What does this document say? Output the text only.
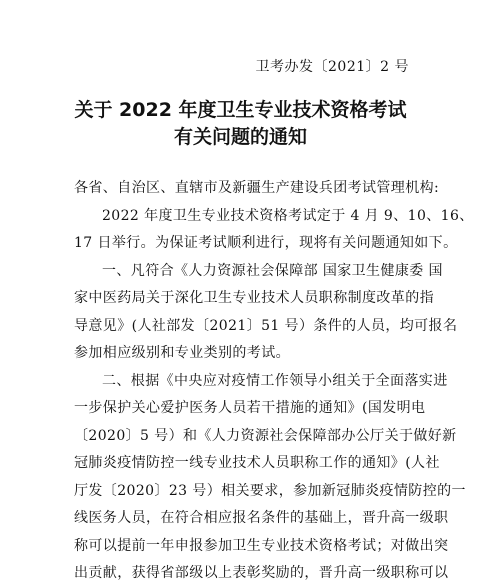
卫考办发〔2021〕2 号
关于 2022 年度卫生专业技术资格考试
有关问题的通知
各省、自治区、直辖市及新疆生产建设兵团考试管理机构:
2022 年度卫生专业技术资格考试定于 4 月 9、10、16、
17 日举行。为保证考试顺利进行，现将有关问题通知如下。
一、凡符合《人力资源社会保障部 国家卫生健康委 国
家中医药局关于深化卫生专业技术人员职称制度改革的指
导意见》(人社部发〔2021〕51 号）条件的人员，均可报名
参加相应级别和专业类别的考试。
二、根据《中央应对疫情工作领导小组关于全面落实进
一步保护关心爱护医务人员若干措施的通知》(国发明电
〔2020〕5 号）和《人力资源社会保障部办公厅关于做好新
冠肺炎疫情防控一线专业技术人员职称工作的通知》(人社
厅发〔2020〕23 号）相关要求，参加新冠肺炎疫情防控的一
线医务人员，在符合相应报名条件的基础上，晋升高一级职
称可以提前一年申报参加卫生专业技术资格考试；对做出突
出贡献，获得省部级以上表彰奖励的，晋升高一级职称可以
